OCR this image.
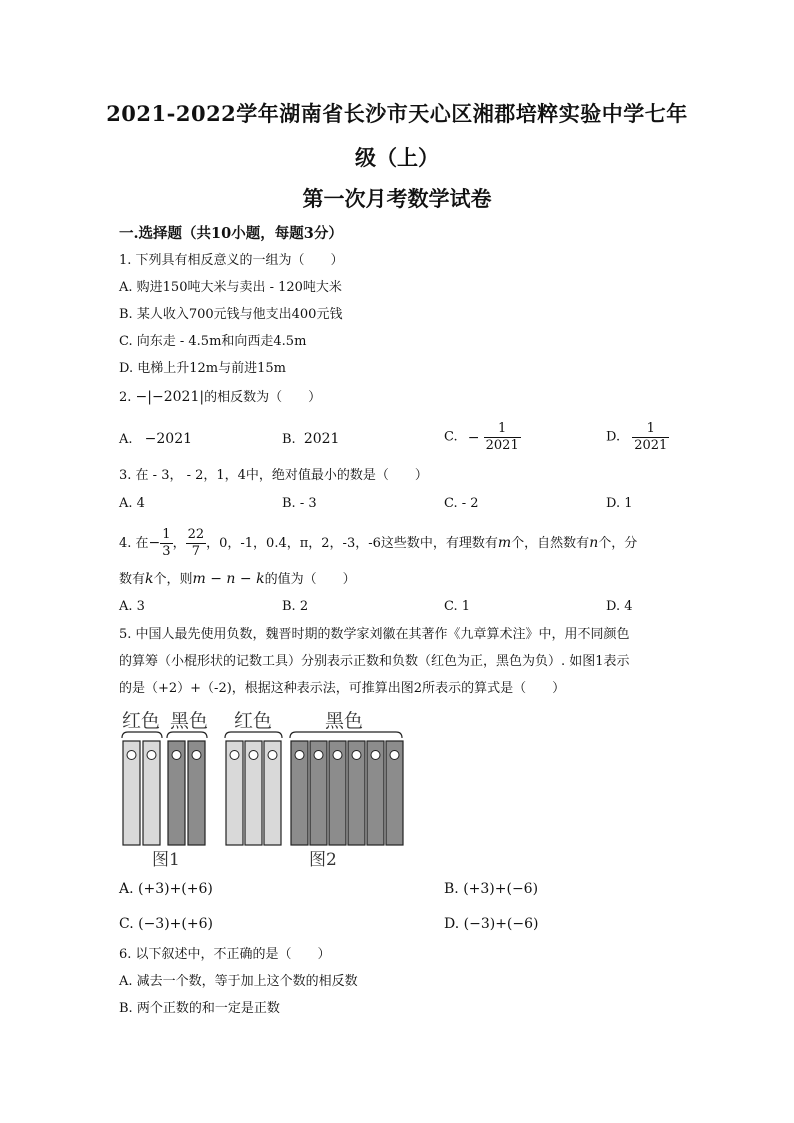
2021-2022学年湖南省长沙市天心区湘郡培粹实验中学七年
级（上）
第一次月考数学试卷
一.选择题（共10小题，每题3分）
1. 下列具有相反意义的一组为（　　）
A. 购进150吨大米与卖出 - 120吨大米
B. 某人收入700元钱与他支出400元钱
C. 向东走 - 4.5m和向西走4.5m
D. 电梯上升12m与前进15m
2. −|−2021|的相反数为（　　）
A. −2021	B. 2021	C. − $\frac{1}{2021}$	D. $\frac{1}{2021}$
3. 在 - 3， - 2，1，4中，绝对值最小的数是（　　）
A. 4	B. - 3	C. - 2	D. 1
4. 在− $\frac{1}{3}$ ， $\frac{22}{7}$ ，0，-1，0.4，π，2，-3，-6这些数中，有理数有m个，自然数有n个，分
数有k个，则m − n − k的值为（　　）
A. 3	B. 2	C. 1	D. 4
5. 中国人最先使用负数，魏晋时期的数学家刘徽在其著作《九章算术注》中，用不同颜色
的算筹（小棍形状的记数工具）分别表示正数和负数（红色为正，黑色为负）. 如图1表示
的是（+2）+（-2)，根据这种表示法，可推算出图2所表示的算式是（　　）
红色 黑色 红色	黑色
图1	图2
A. (+3)+(+6)	B. (+3)+(−6)
C. (−3)+(+6)	D. (−3)+(−6)
6. 以下叙述中，不正确的是（　　）
A. 减去一个数，等于加上这个数的相反数
B. 两个正数的和一定是正数
